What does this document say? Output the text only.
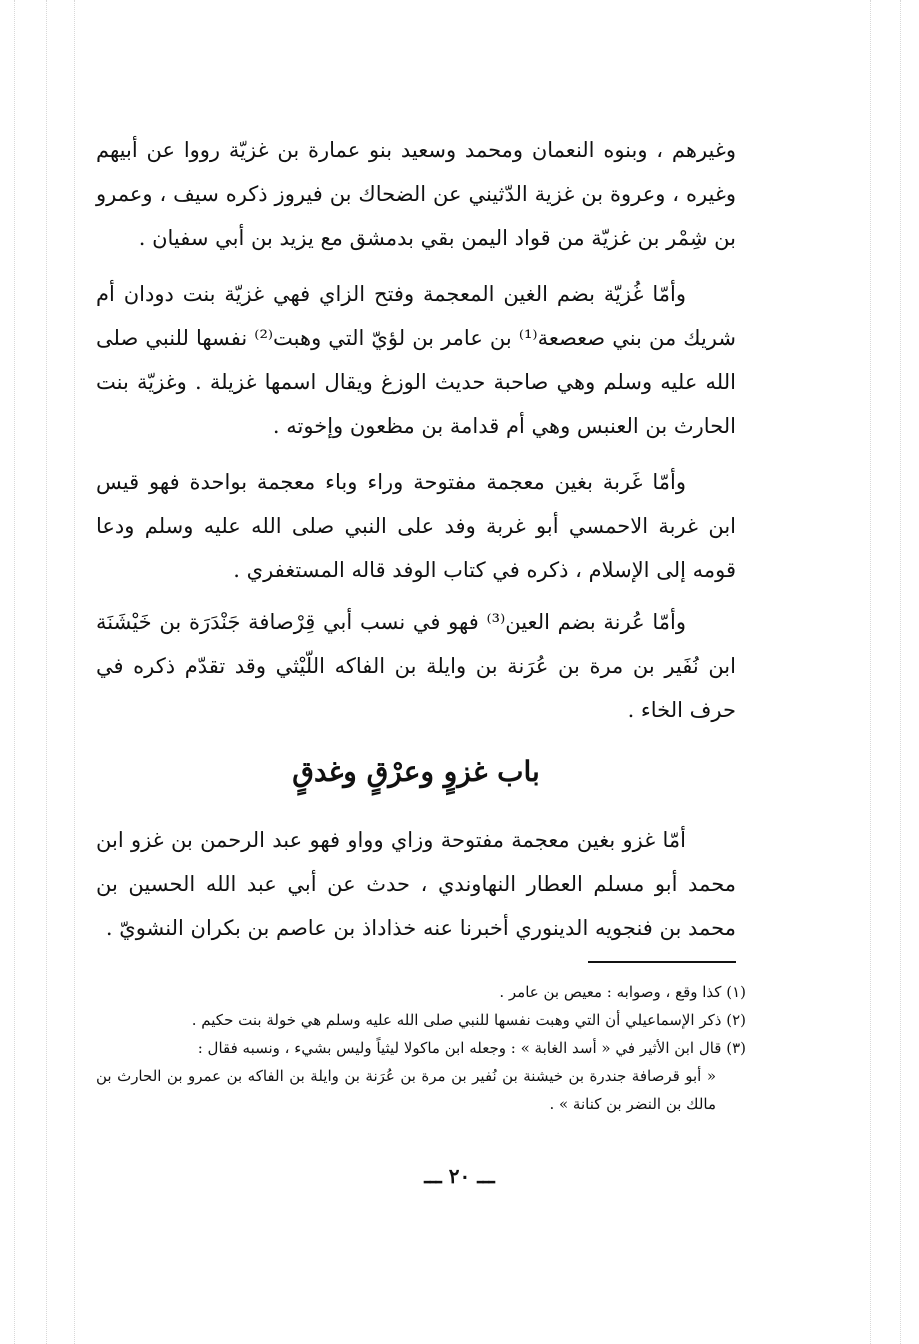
وغيرهم ، وبنوه النعمان ومحمد وسعيد بنو عمارة بن غزيّة رووا عن أبيهم وغيره ، وعروة بن غزية الدّثيني عن الضحاك بن فيروز ذكره سيف ، وعمرو بن شِمْر بن غزيّة من قواد اليمن بقي بدمشق مع يزيد بن أبي سفيان .

وأمّا غُزيّة بضم الغين المعجمة وفتح الزاي فهي غزيّة بنت دودان أم شريك من بني صعصعة⁽¹⁾ بن عامر بن لؤيّ التي وهبت⁽²⁾ نفسها للنبي صلى الله عليه وسلم وهي صاحبة حديث الوزغ ويقال اسمها غزيلة . وغزيّة بنت الحارث بن العنبس وهي أم قدامة بن مظعون وإخوته .

وأمّا غَربة بغين معجمة مفتوحة وراء وباء معجمة بواحدة فهو قيس ابن غربة الاحمسي أبو غربة وفد على النبي صلى الله عليه وسلم ودعا قومه إلى الإسلام ، ذكره في كتاب الوفد قاله المستغفري .

وأمّا عُرنة بضم العين⁽³⁾ فهو في نسب أبي قِرْصافة جَنْدَرَة بن خَيْشَنَة ابن نُفَير بن مرة بن عُرَنة بن وايلة بن الفاكه اللّيْثي وقد تقدّم ذكره في حرف الخاء .

باب غزوٍ وعرْقٍ وغدقٍ

أمّا غزو بغين معجمة مفتوحة وزاي وواو فهو عبد الرحمن بن غزو ابن محمد أبو مسلم العطار النهاوندي ، حدث عن أبي عبد الله الحسين بن محمد بن فنجويه الدينوري أخبرنا عنه خذاداذ بن عاصم بن بكران النشويّ .

(١) كذا وقع ، وصوابه : معيص بن عامر .

(٢) ذكر الإسماعيلي أن التي وهبت نفسها للنبي صلى الله عليه وسلم هي خولة بنت حكيم .

(٣) قال ابن الأثير في « أسد الغابة » : وجعله ابن ماكولا ليثياً وليس بشيء ، ونسبه فقال :

« أبو قرصافة جندرة بن خيشنة بن نُفير بن مرة بن عُرَنة بن وايلة بن الفاكه بن عمرو بن الحارث بن مالك بن النضر بن كنانة » .

ـــ ٢٠ ـــ
